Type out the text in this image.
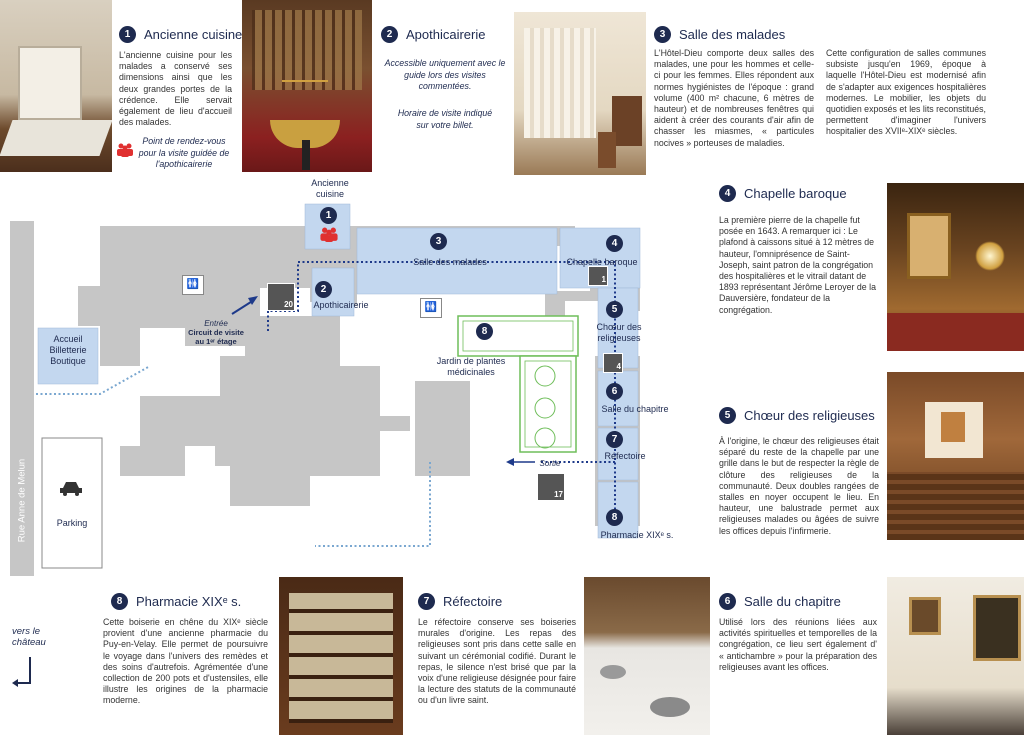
1	Ancienne cuisine
L'ancienne cuisine pour les malades a conservé ses dimensions ainsi que les deux grandes portes de la crédence. Elle servait également de lieu d'accueil des malades.
Point de rendez-vous pour la visite guidée de l'apothicairerie
2	Apothicairerie
Accessible uniquement avec le guide lors des visites commentées.
Horaire de visite indiqué sur votre billet.
3	Salle des malades
L'Hôtel-Dieu comporte deux salles des malades, une pour les hommes et celle-ci pour les femmes. Elles répondent aux normes hygiénistes de l'époque : grand volume (400 m² chacune, 6 mètres de hauteur) et de nombreuses fenêtres qui aident à créer des courants d'air afin de chasser les miasmes, « particules nocives » porteuses de maladies.
Cette configuration de salles communes subsiste jusqu'en 1969, époque à laquelle l'Hôtel-Dieu est modernisé afin de s'adapter aux exigences hospitalières modernes. Le mobilier, les objets du quotidien exposés et les lits reconstitués, permettent d'imaginer l'univers hospitalier des XVIIᵉ-XIXᵉ siècles.
4	Chapelle baroque
La première pierre de la chapelle fut posée en 1643. A remarquer ici : Le plafond à caissons situé à 12 mètres de hauteur, l'omniprésence de Saint-Joseph, saint patron de la congrégation des hospitalières et le vitrail datant de 1893 représentant Jérôme Leroyer de la Dauversière, fondateur de la congrégation.
5	Chœur des religieuses
À l'origine, le chœur des religieuses était séparé du reste de la chapelle par une grille dans le but de respecter la règle de clôture des religieuses de la communauté. Deux doubles rangées de stalles en noyer occupent le lieu. En hauteur, une balustrade permet aux religieuses malades ou âgées de suivre les offices depuis l'infirmerie.
8	Pharmacie XIXᵉ s.
Cette boiserie en chêne du XIXᵉ siècle provient d'une ancienne pharmacie du Puy-en-Velay. Elle permet de poursuivre le voyage dans l'univers des remèdes et des soins d'autrefois. Agrémentée d'une collection de 200 pots et d'ustensiles, elle illustre les origines de la pharmacie moderne.
7	Réfectoire
Le réfectoire conserve ses boiseries murales d'origine. Les repas des religieuses sont pris dans cette salle en suivant un cérémonial codifié. Durant le repas, le silence n'est brisé que par la voix d'une religieuse désignée pour faire la lecture des statuts de la communauté ou d'un livre saint.
6	Salle du chapitre
Utilisé lors des réunions liées aux activités spirituelles et temporelles de la congrégation, ce lieu sert également d' « antichambre » pour la préparation des religieuses avant les offices.
1
2
3	4
5
6
7
8
8
20
1
4
17
🚻
🚻
Ancienne cuisine
Apothicairerie
Salle des malades	Chapelle baroque
Chœur des religieuses
Salle du chapitre
Réfectoire
Pharmacie XIXᵉ s.
Jardin de plantes médicinales
Accueil Billetterie Boutique
Parking
Entrée
Circuit de visite au 1ᵉʳ étage
Sortie
Rue Anne de Melun
vers le château
